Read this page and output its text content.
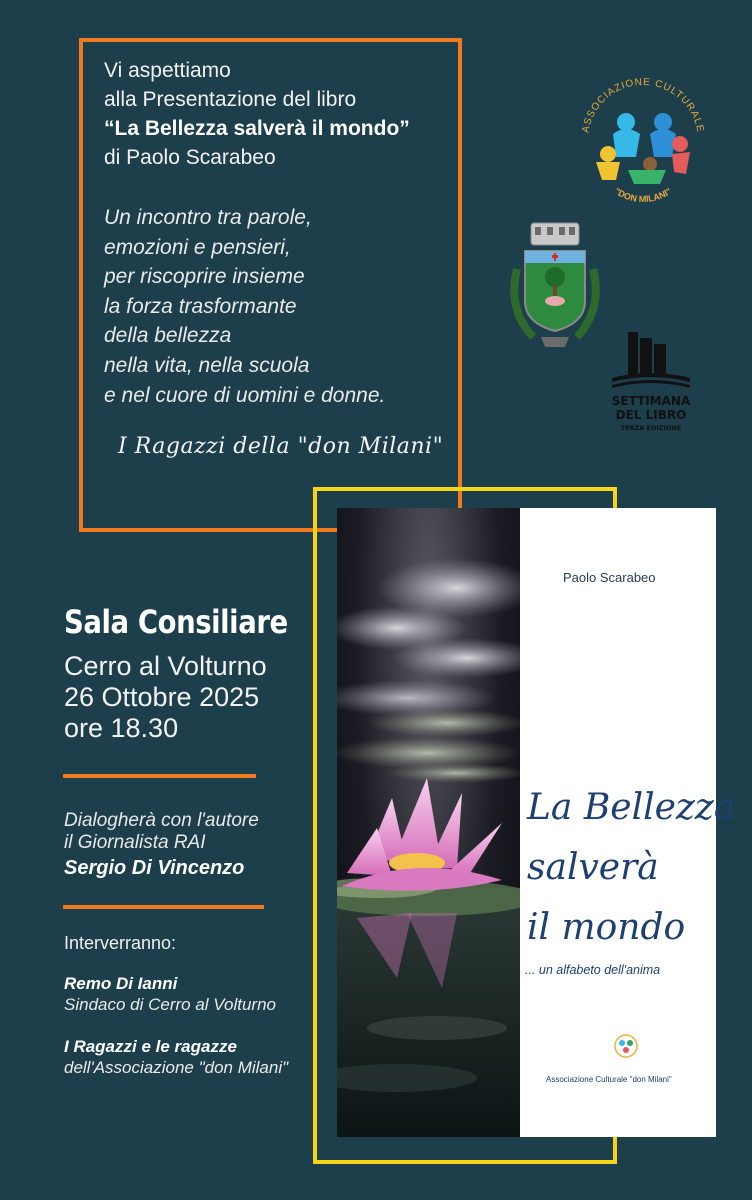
Vi aspettiamo
alla Presentazione del libro
“La Bellezza salverà il mondo”
di Paolo Scarabeo
Un incontro tra parole,
emozioni e pensieri,
per riscoprire insieme
la forza trasformante
della bellezza
nella vita, nella scuola
e nel cuore di uomini e donne.
I Ragazzi della "don Milani"
Sala Consiliare
Cerro al Volturno
26 Ottobre 2025
ore 18.30
Dialogherà con l'autore
il Giornalista RAI
Sergio Di Vincenzo
Interverranno:
Remo Di Ianni
Sindaco di Cerro al Volturno
I Ragazzi e le ragazze
dell'Associazione "don Milani"
Paolo Scarabeo
La Bellezza
salverà
il mondo
... un alfabeto dell'anima
Associazione Culturale "don Milani"
ASSOCIAZIONE CULTURALE
"DON MILANI"
SETTIMANA
DEL LIBRO
TERZA EDIZIONE
